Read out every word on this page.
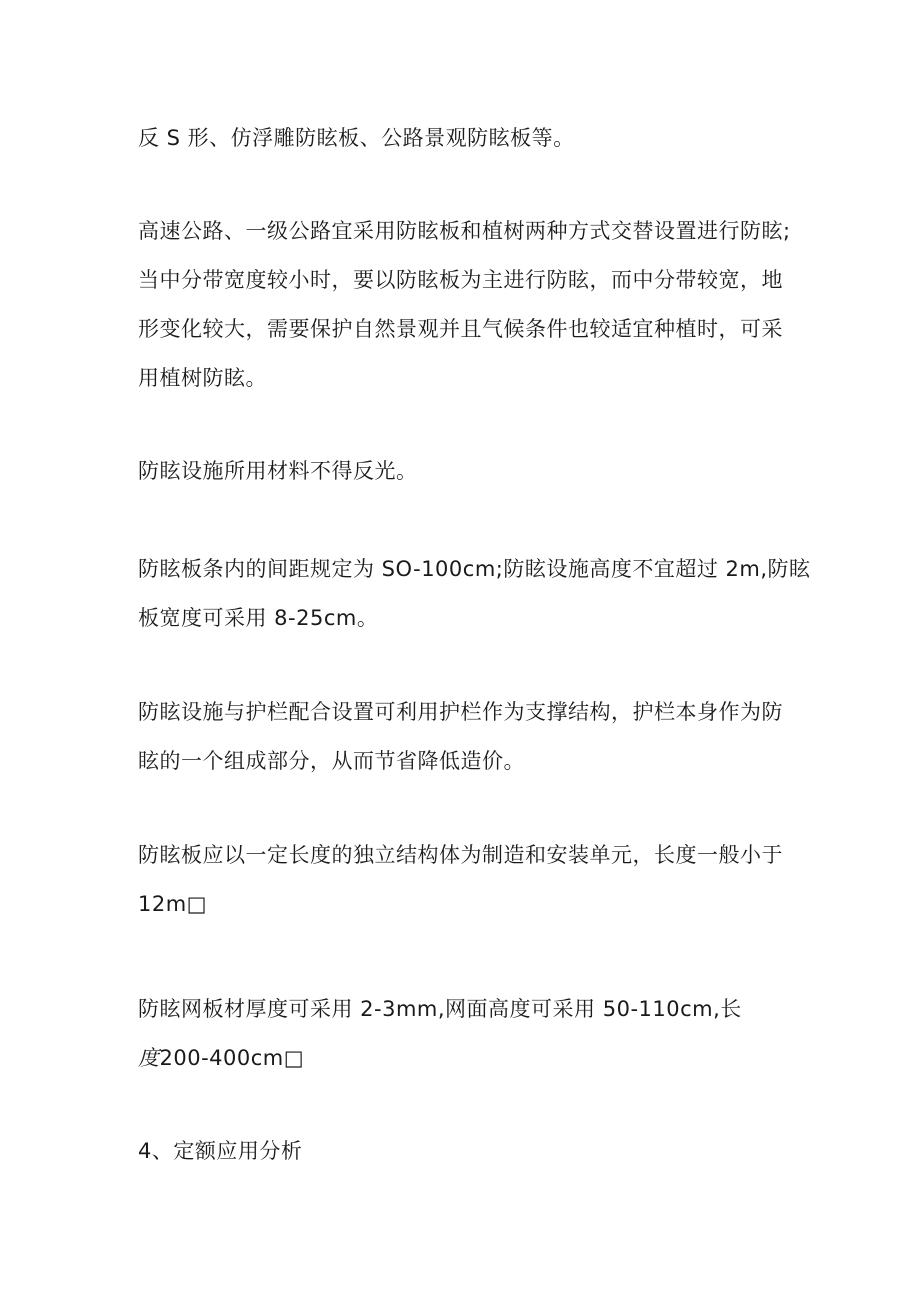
反 S 形、仿浮雕防眩板、公路景观防眩板等。
高速公路、一级公路宜采用防眩板和植树两种方式交替设置进行防眩;
当中分带宽度较小时，要以防眩板为主进行防眩，而中分带较宽，地
形变化较大，需要保护自然景观并且气候条件也较适宜种植时，可采
用植树防眩。
防眩设施所用材料不得反光。
防眩板条内的间距规定为 SO-100cm;防眩设施高度不宜超过 2m,防眩
板宽度可采用 8-25cm。
防眩设施与护栏配合设置可利用护栏作为支撑结构，护栏本身作为防
眩的一个组成部分，从而节省降低造价。
防眩板应以一定长度的独立结构体为制造和安装单元，长度一般小于
12m□
防眩网板材厚度可采用 2-3mm,网面高度可采用 50-110cm,长
度200-400cm□
4、定额应用分析
